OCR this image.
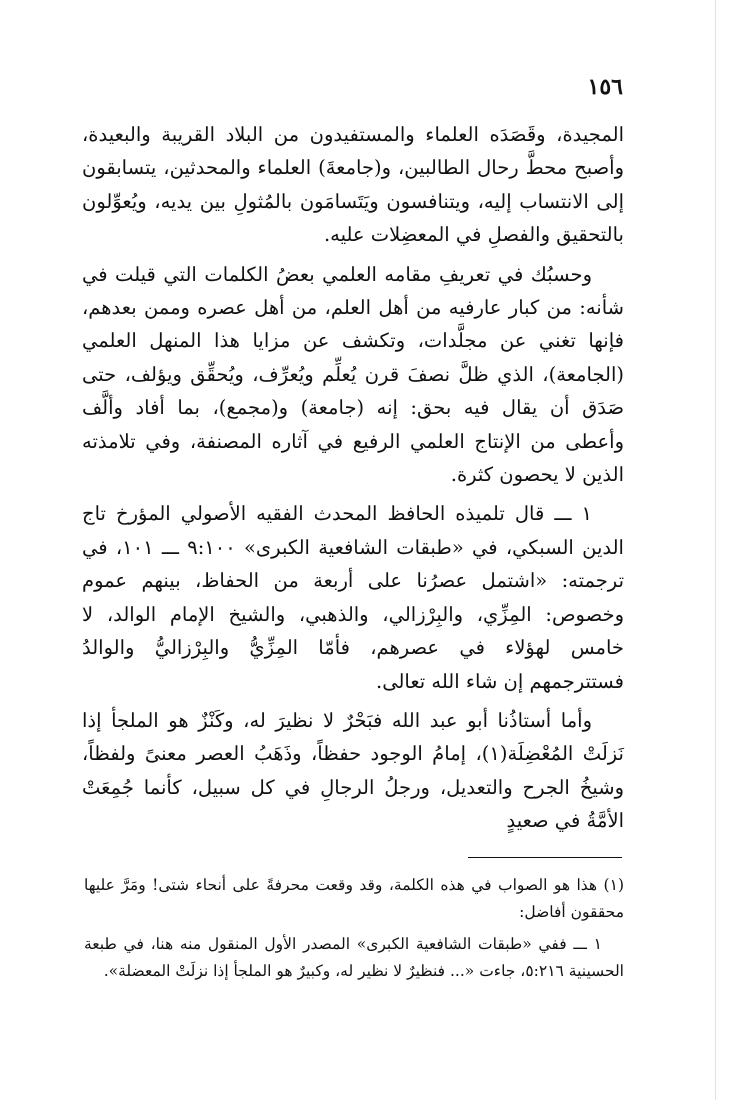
١٥٦

المجيدة، وقَصَدَه العلماء والمستفيدون من البلاد القريبة والبعيدة، وأصبح محطَّ رحال الطالبين، و(جامعةَ) العلماء والمحدثين، يتسابقون إلى الانتساب إليه، ويتنافسون ويَتَسامَون بالمُثولِ بين يديه، ويُعوِّلون بالتحقيق والفصلِ في المعضِلات عليه.

وحسبُك في تعريفِ مقامه العلمي بعضُ الكلمات التي قيلت في شأنه: من كبار عارفيه من أهل العلم، من أهل عصره وممن بعدهم، فإنها تغني عن مجلَّدات، وتكشف عن مزايا هذا المنهل العلمي (الجامعة)، الذي ظلَّ نصفَ قرن يُعلِّم ويُعرِّف، ويُحقِّق ويؤلف، حتى صَدَق أن يقال فيه بحق: إنه (جامعة) و(مجمع)، بما أفاد وألَّف وأعطى من الإنتاج العلمي الرفيع في آثاره المصنفة، وفي تلامذته الذين لا يحصون كثرة.

١ ـــ قال تلميذه الحافظ المحدث الفقيه الأصولي المؤرخ تاج الدين السبكي، في «طبقات الشافعية الكبرى» ٩:١٠٠ ـــ ١٠١، في ترجمته: «اشتمل عصرُنا على أربعة من الحفاظ، بينهم عموم وخصوص: المِزِّي، والبِرْزالي، والذهبي، والشيخ الإمام الوالد، لا خامس لهؤلاء في عصرهم، فأمّا المِزِّيُّ والبِرْزاليُّ والوالدُ فستترجمهم إن شاء الله تعالى.

وأما أستاذُنا أبو عبد الله فبَحْرٌ لا نظيرَ له، وكَنْزٌ هو الملجأ إذا نَزلَتْ المُعْضِلَة(١)، إمامُ الوجود حفظاً، وذَهَبُ العصر معنىً ولفظاً، وشيخُ الجرح والتعديل، ورجلُ الرجالِ في كل سبيل، كأنما جُمِعَتْ الأمَّةُ في صعيدٍ

(١) هذا هو الصواب في هذه الكلمة، وقد وقعت محرفةً على أنحاء شتى! ومَرَّ عليها محققون أفاضل:

١ ـــ ففي «طبقات الشافعية الكبرى» المصدر الأول المنقول منه هنا، في طبعة الحسينية ٥:٢١٦، جاءت «... فنظيرٌ لا نظير له، وكبيرٌ هو الملجأ إذا نزلَتْ المعضلة».
